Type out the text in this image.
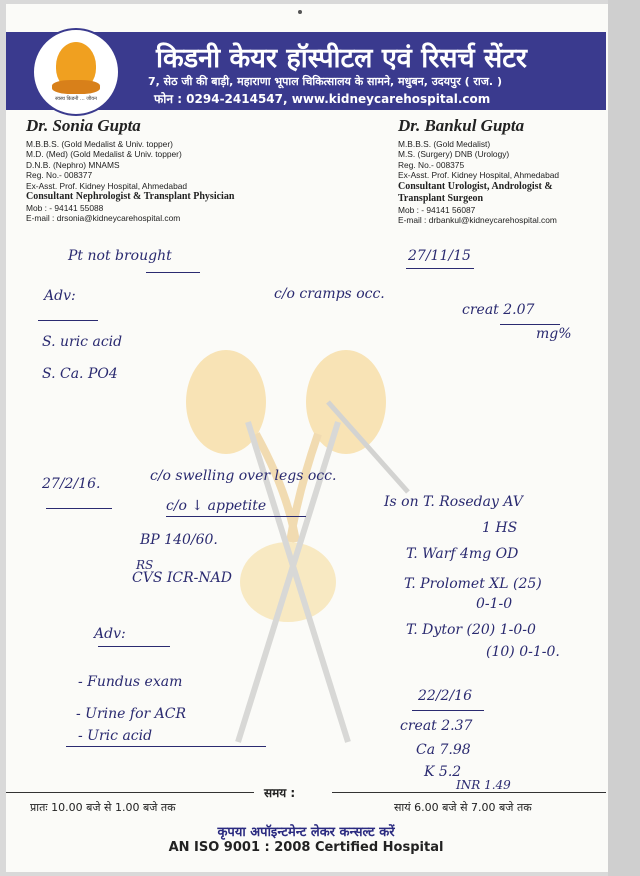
स्वस्थ किडनी ... जीवन
किडनी केयर हॉस्पीटल एवं रिसर्च सेंटर
7, सेठ जी की बाड़ी, महाराणा भूपाल चिकित्सालय के सामने, मधुबन, उदयपुर ( राज. )
फोन : 0294-2414547, www.kidneycarehospital.com
Dr. Sonia Gupta
M.B.B.S. (Gold Medalist & Univ. topper)
M.D. (Med) (Gold Medalist & Univ. topper)
D.N.B. (Nephro) MNAMS
Reg. No.- 008377
Ex-Asst. Prof. Kidney Hospital, Ahmedabad
Consultant Nephrologist & Transplant Physician
Mob : - 94141 55088
E-mail : drsonia@kidneycarehospital.com
Dr. Bankul Gupta
M.B.B.S. (Gold Medalist)
M.S. (Surgery) DNB (Urology)
Reg. No.- 008375
Ex-Asst. Prof. Kidney Hospital, Ahmedabad
Consultant Urologist, Andrologist &
Transplant Surgeon
Mob : - 94141 56087
E-mail : drbankul@kidneycarehospital.com
Pt not brought	27/11/15
Adv:	c/o cramps occ.
creat 2.07
mg%
S. uric acid
S. Ca. PO4
27/2/16.	c/o swelling over legs occ.
c/o ↓ appetite	Is on T. Roseday AV
1 HS
BP 140/60.
T. Warf 4mg OD
RS
CVS ICR-NAD	T. Prolomet XL (25)
0-1-0
Adv:	T. Dytor (20) 1-0-0
(10) 0-1-0.
- Fundus exam
22/2/16
- Urine for ACR
creat 2.37
- Uric acid
Ca 7.98
K 5.2
INR 1.49
समय :
प्रातः 10.00 बजे से 1.00 बजे तक	सायं 6.00 बजे से 7.00 बजे तक
कृपया अपॉइन्टमेन्ट लेकर कन्सल्ट करें
AN ISO 9001 : 2008 Certified Hospital
